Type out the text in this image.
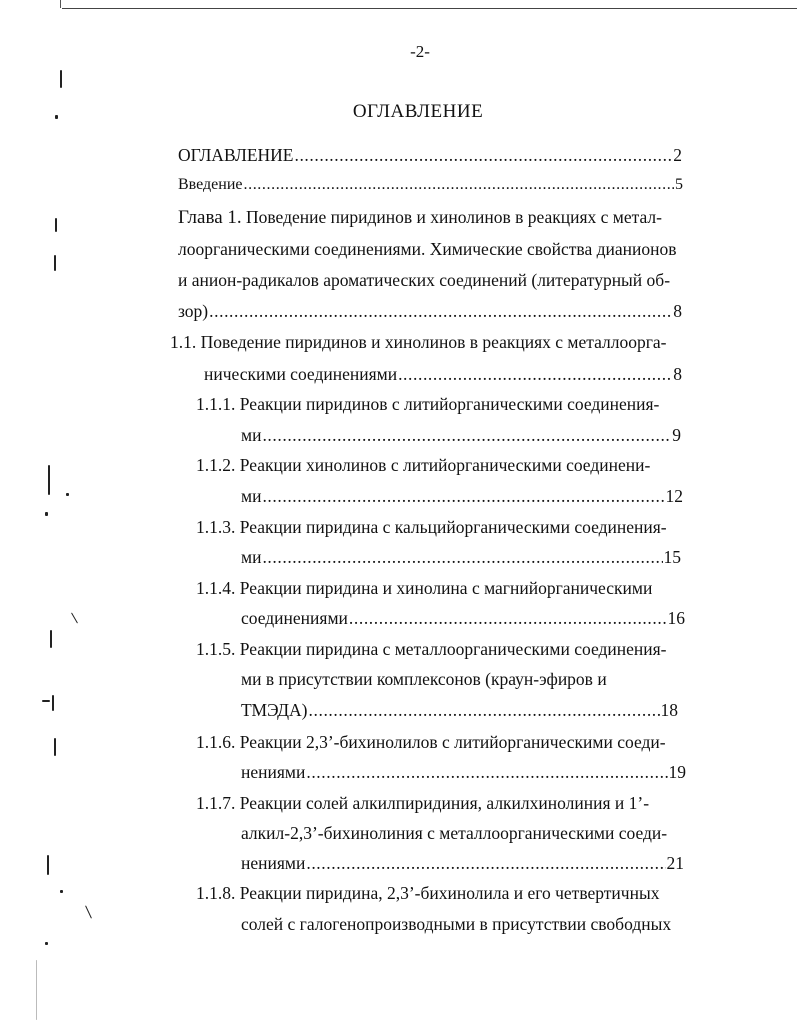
-2-
ОГЛАВЛЕНИЕ
ОГЛАВЛЕНИЕ .....	2
Введение .....	5
Глава 1.
Поведение пиридинов и хинолинов в реакциях с метал-
лоорганическими соединениями. Химические свойства дианионов
и анион-радикалов ароматических соединений (литературный об-
зор) .....	8
1.1. Поведение пиридинов и хинолинов в реакциях с металлоорга-
ническими соединениями .....	8
1.1.1. Реакции пиридинов с литийорганическими соединения-
ми .....	9
1.1.2. Реакции хинолинов с литийорганическими соединени-
ми .....	12
1.1.3. Реакции пиридина с кальцийорганическими соединения-
ми .....	15
1.1.4. Реакции пиридина и хинолина с магнийорганическими
соединениями .....	16
1.1.5. Реакции пиридина с металлоорганическими соединения-
ми в присутствии комплексонов (краун-эфиров и
ТМЭДА) .....	18
1.1.6. Реакции 2,3’-бихинолилов с литийорганическими соеди-
нениями .....	19
1.1.7. Реакции солей алкилпиридиния, алкилхинолиния и 1’-
алкил-2,3’-бихинолиния с металлоорганическими соеди-
нениями .....	21
1.1.8. Реакции пиридина, 2,3’-бихинолила и его четвертичных
солей с галогенопроизводными в присутствии свободных
